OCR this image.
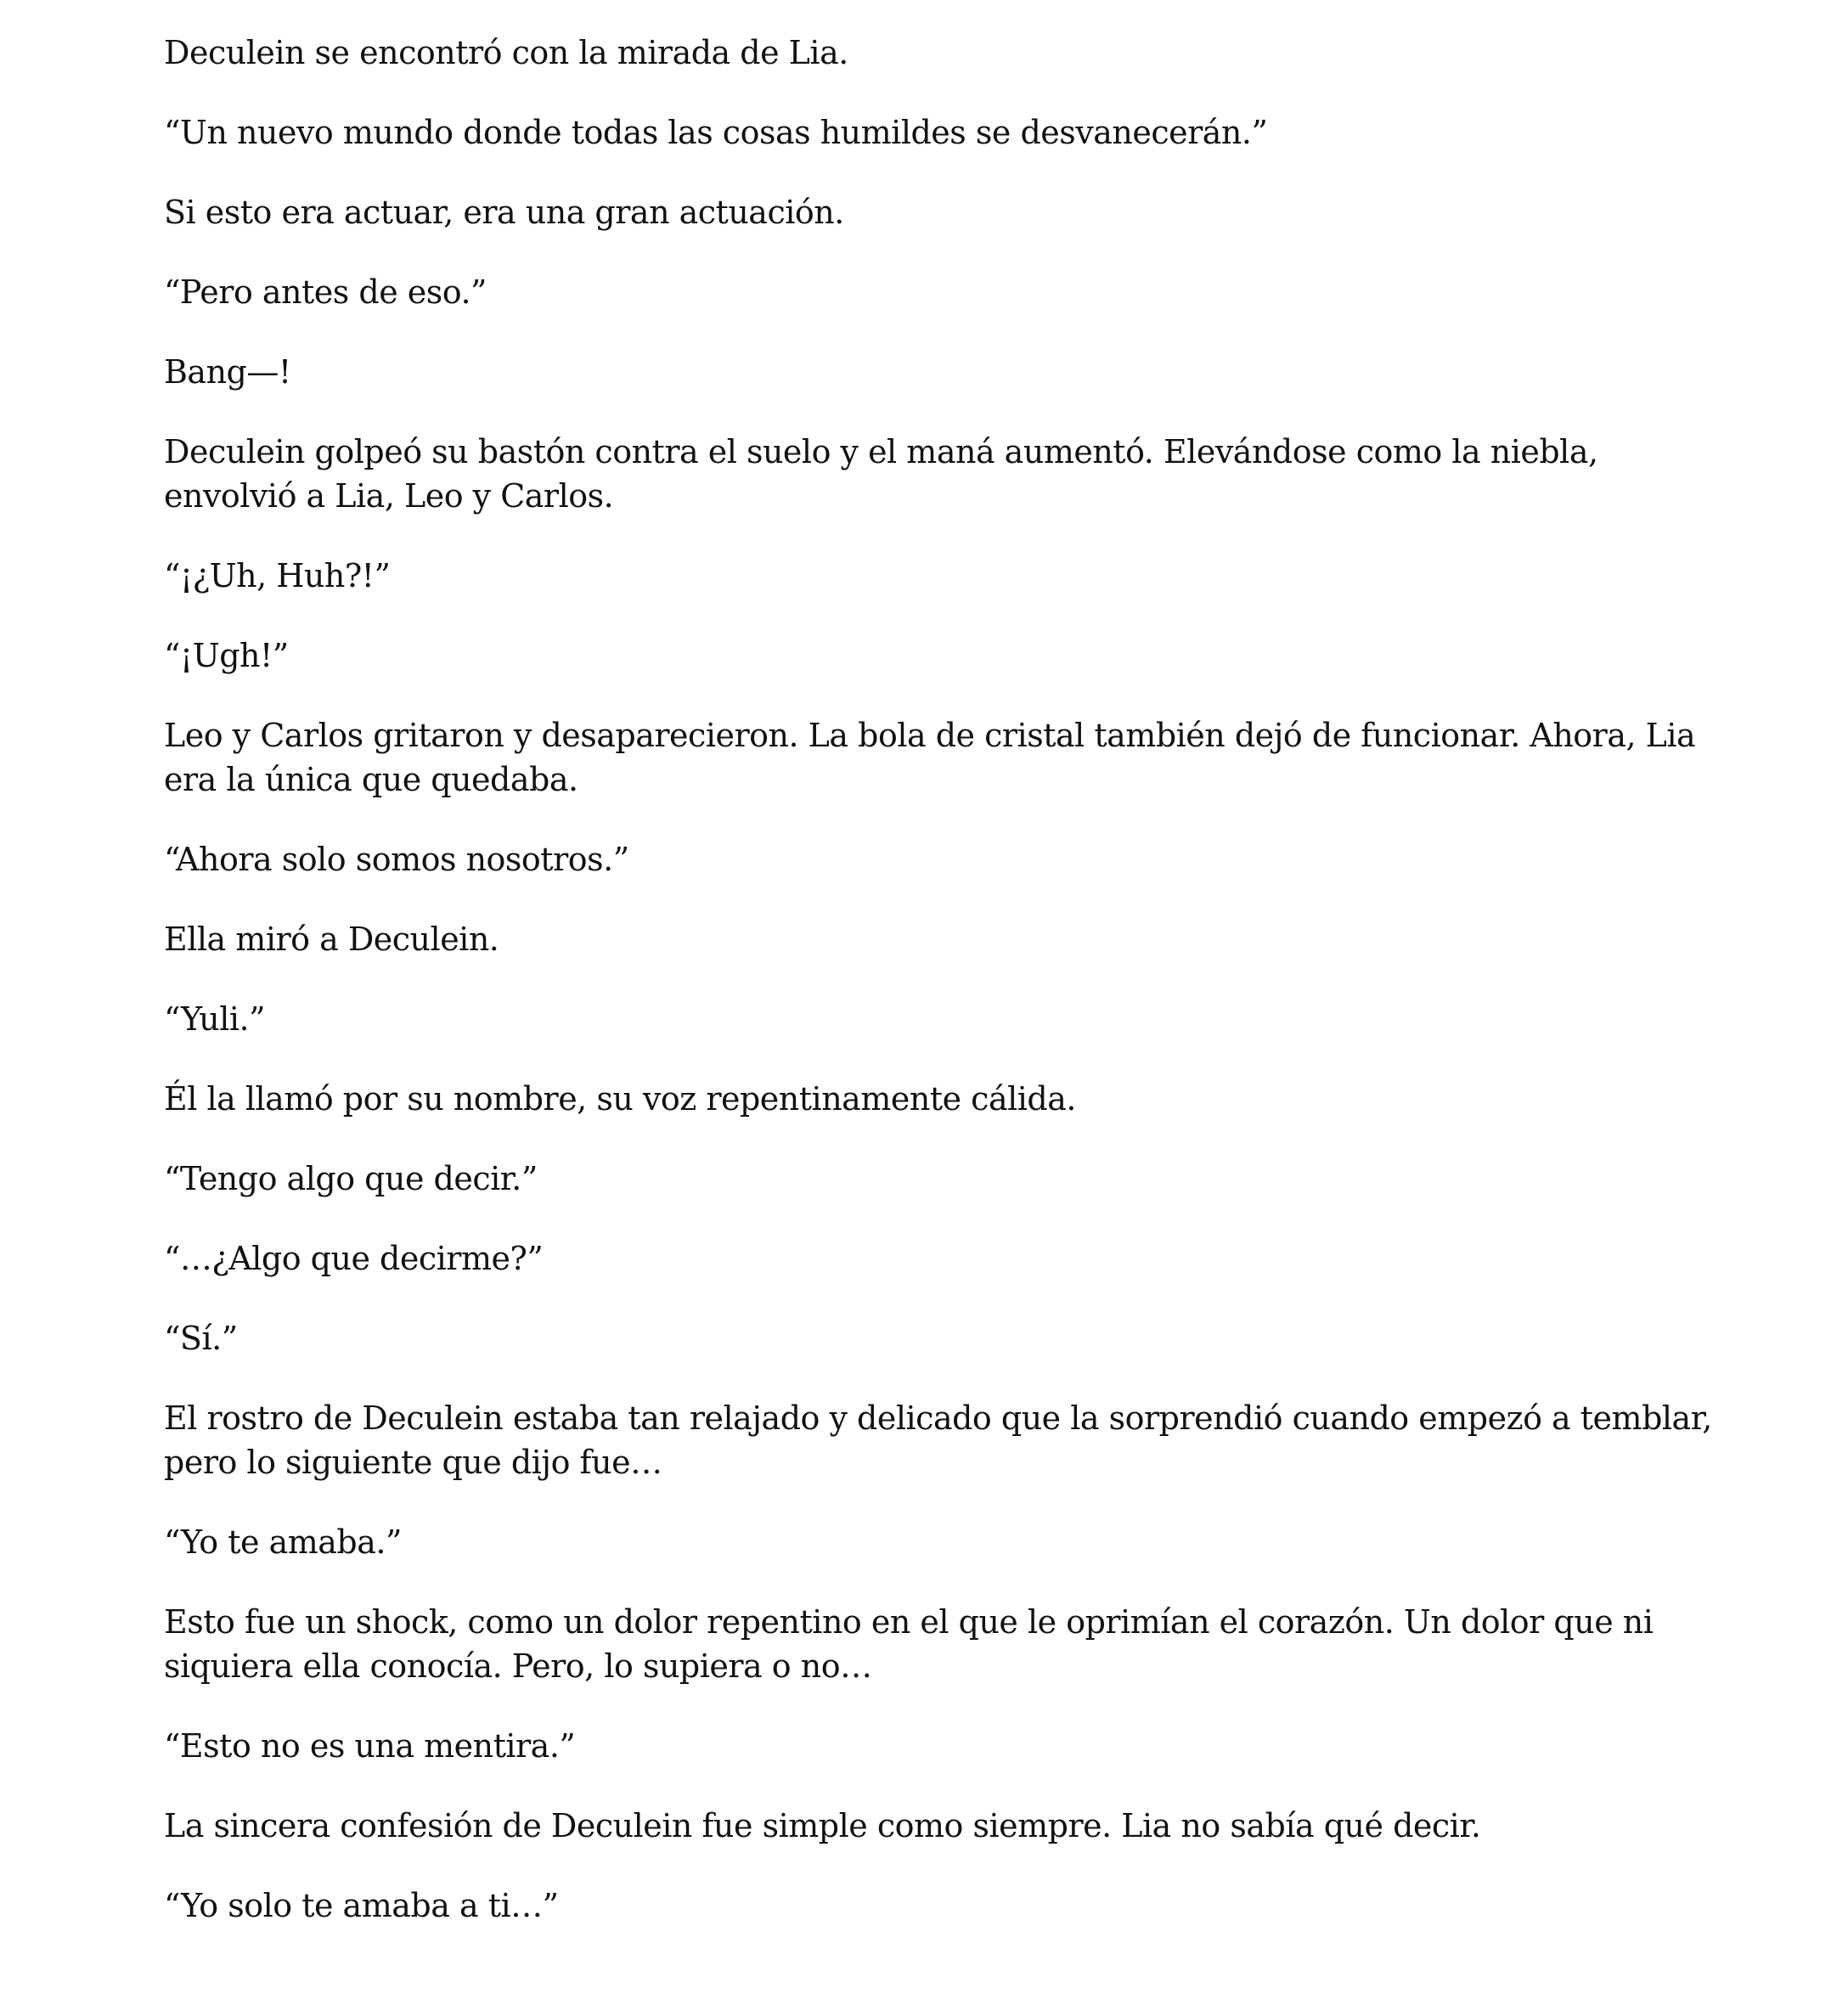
Deculein se encontró con la mirada de Lia.

“Un nuevo mundo donde todas las cosas humildes se desvanecerán.”

Si esto era actuar, era una gran actuación.

“Pero antes de eso.”

Bang—!

Deculein golpeó su bastón contra el suelo y el maná aumentó. Elevándose como la niebla, envolvió a Lia, Leo y Carlos.

“¡¿Uh, Huh?!”

“¡Ugh!”

Leo y Carlos gritaron y desaparecieron. La bola de cristal también dejó de funcionar. Ahora, Lia era la única que quedaba.

“Ahora solo somos nosotros.”

Ella miró a Deculein.

“Yuli.”

Él la llamó por su nombre, su voz repentinamente cálida.

“Tengo algo que decir.”

“…¿Algo que decirme?”

“Sí.”

El rostro de Deculein estaba tan relajado y delicado que la sorprendió cuando empezó a temblar, pero lo siguiente que dijo fue…

“Yo te amaba.”

Esto fue un shock, como un dolor repentino en el que le oprimían el corazón. Un dolor que ni siquiera ella conocía. Pero, lo supiera o no…

“Esto no es una mentira.”

La sincera confesión de Deculein fue simple como siempre. Lia no sabía qué decir.

“Yo solo te amaba a ti…”
